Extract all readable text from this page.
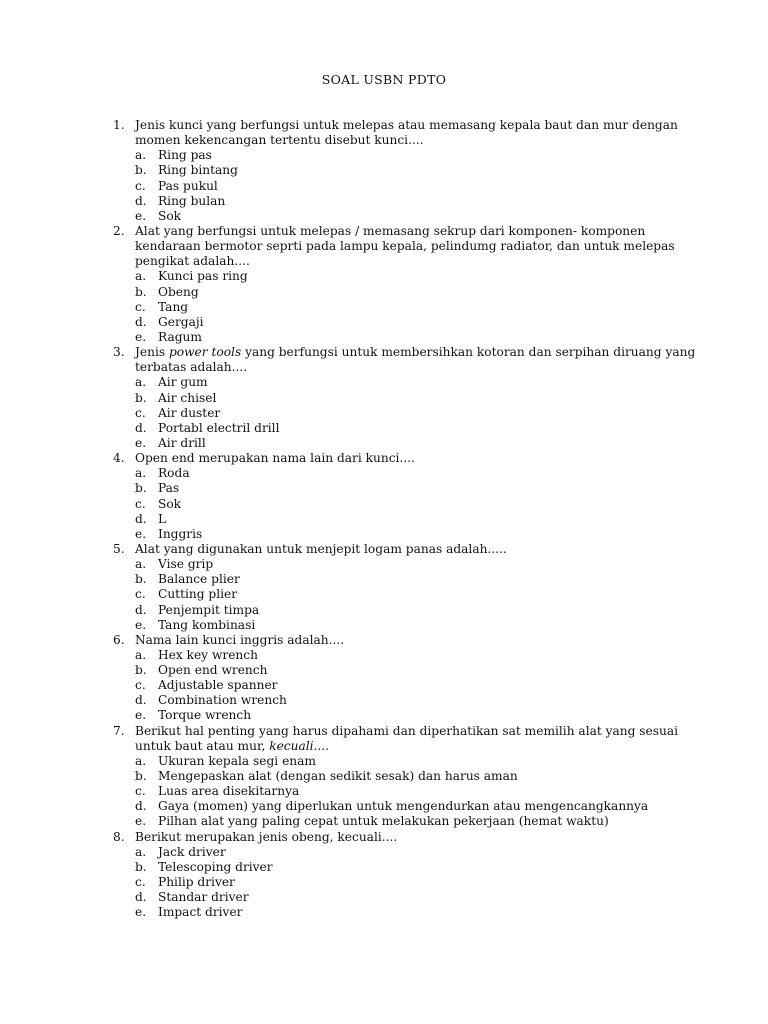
SOAL USBN PDTO
1. Jenis kunci yang berfungsi untuk melepas atau memasang kepala baut dan mur dengan
momen kekencangan tertentu disebut kunci....
a. Ring pas
b. Ring bintang
c. Pas pukul
d. Ring bulan
e. Sok
2. Alat yang berfungsi untuk melepas / memasang sekrup dari komponen- komponen
kendaraan bermotor seprti pada lampu kepala, pelindumg radiator, dan untuk melepas
pengikat adalah....
a. Kunci pas ring
b. Obeng
c. Tang
d. Gergaji
e. Ragum
3. Jenis power tools yang berfungsi untuk membersihkan kotoran dan serpihan diruang yang
terbatas adalah....
a. Air gum
b. Air chisel
c. Air duster
d. Portabl electril drill
e. Air drill
4. Open end merupakan nama lain dari kunci....
a. Roda
b. Pas
c. Sok
d. L
e. Inggris
5. Alat yang digunakan untuk menjepit logam panas adalah.....
a. Vise grip
b. Balance plier
c. Cutting plier
d. Penjempit timpa
e. Tang kombinasi
6. Nama lain kunci inggris adalah....
a. Hex key wrench
b. Open end wrench
c. Adjustable spanner
d. Combination wrench
e. Torque wrench
7. Berikut hal penting yang harus dipahami dan diperhatikan sat memilih alat yang sesuai
untuk baut atau mur, kecuali....
a. Ukuran kepala segi enam
b. Mengepaskan alat (dengan sedikit sesak) dan harus aman
c. Luas area disekitarnya
d. Gaya (momen) yang diperlukan untuk mengendurkan atau mengencangkannya
e. Pilhan alat yang paling cepat untuk melakukan pekerjaan (hemat waktu)
8. Berikut merupakan jenis obeng, kecuali....
a. Jack driver
b. Telescoping driver
c. Philip driver
d. Standar driver
e. Impact driver
